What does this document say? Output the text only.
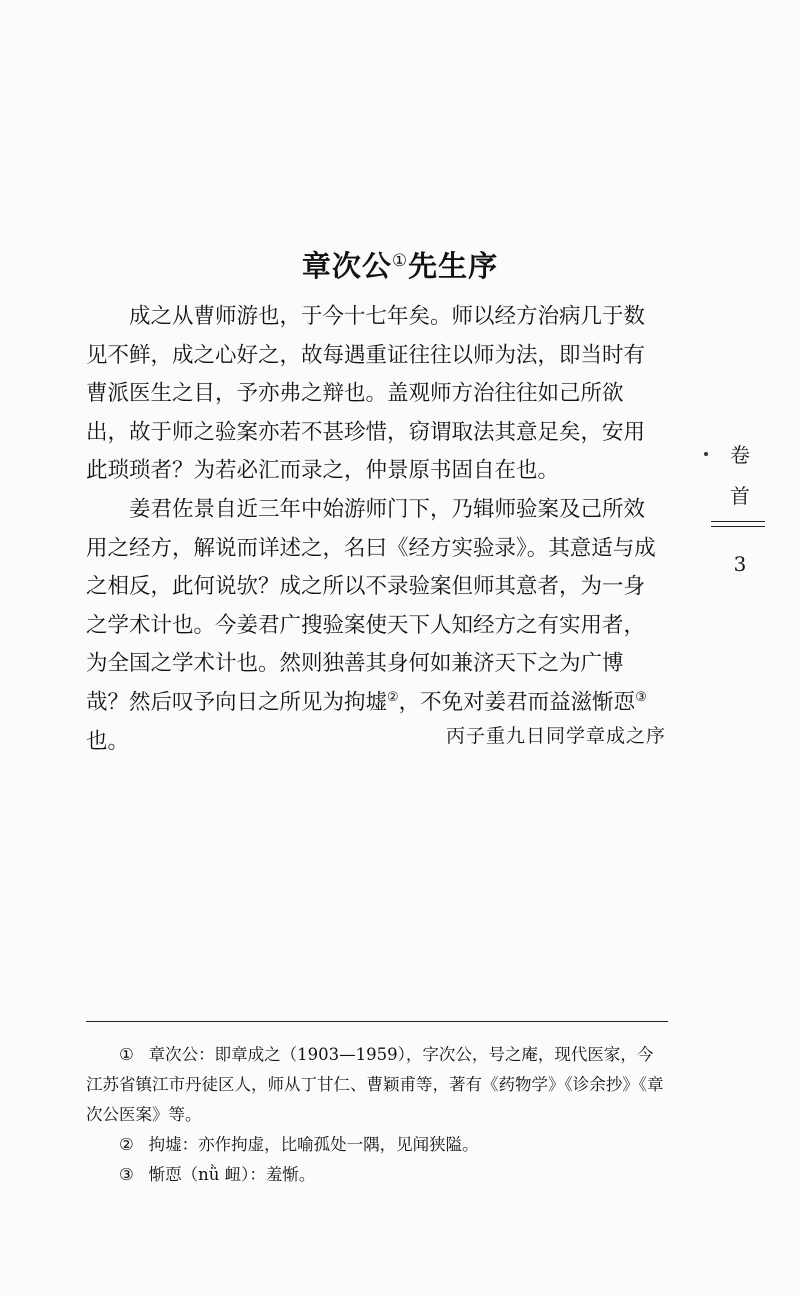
章次公①先生序

成之从曹师游也，于今十七年矣。师以经方治病几于数见不鲜，成之心好之，故每遇重证往往以师为法，即当时有曹派医生之目，予亦弗之辩也。盖观师方治往往如己所欲出，故于师之验案亦若不甚珍惜，窃谓取法其意足矣，安用此琐琐者？为若必汇而录之，仲景原书固自在也。

姜君佐景自近三年中始游师门下，乃辑师验案及己所效用之经方，解说而详述之，名曰《经方实验录》。其意适与成之相反，此何说欤？成之所以不录验案但师其意者，为一身之学术计也。今姜君广搜验案使天下人知经方之有实用者，为全国之学术计也。然则独善其身何如兼济天下之为广博哉？然后叹予向日之所见为拘墟②，不免对姜君而益滋惭恧③也。	丙子重九日同学章成之序
卷
首
3

① 章次公：即章成之（1903—1959），字次公，号之庵，现代医家，今江苏省镇江市丹徒区人，师从丁甘仁、曹颖甫等，著有《药物学》《诊余抄》《章次公医案》等。

② 拘墟：亦作拘虚，比喻孤处一隅，见闻狭隘。

③ 惭恧（nǜ 衄）：羞惭。
